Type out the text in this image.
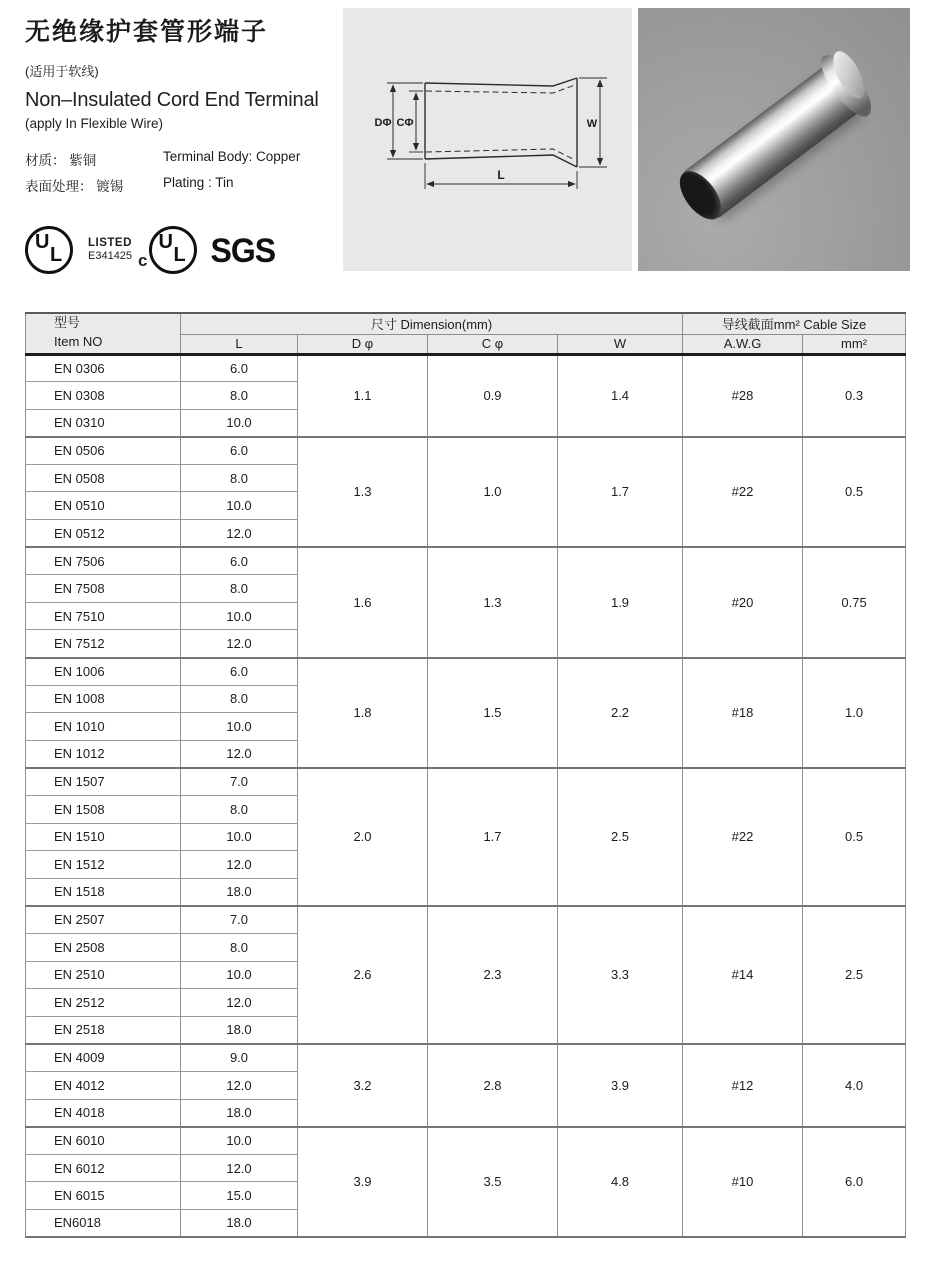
无绝缘护套管形端子
(适用于软线)
Non–Insulated Cord End Terminal
(apply In Flexible Wire)
材质： 紫铜	Terminal Body: Copper
表面处理： 镀锡	Plating : Tin
U
L
LISTED
E341425 c
U
L SGS
DΦ CΦ	W
L
型号
Item NO	尺寸 Dimension(mm)				导线截面mm² Cable Size	
	L	D φ	C φ	W	A.W.G	mm²
EN 0306	6.0	1.1	0.9	1.4	#28	0.3
EN 0308	8.0					
EN 0310	10.0					
EN 0506	6.0	1.3	1.0	1.7	#22	0.5
EN 0508	8.0					
EN 0510	10.0					
EN 0512	12.0					
EN 7506	6.0	1.6	1.3	1.9	#20	0.75
EN 7508	8.0					
EN 7510	10.0					
EN 7512	12.0					
EN 1006	6.0	1.8	1.5	2.2	#18	1.0
EN 1008	8.0					
EN 1010	10.0					
EN 1012	12.0					
EN 1507	7.0	2.0	1.7	2.5	#22	0.5
EN 1508	8.0					
EN 1510	10.0					
EN 1512	12.0					
EN 1518	18.0					
EN 2507	7.0	2.6	2.3	3.3	#14	2.5
EN 2508	8.0					
EN 2510	10.0					
EN 2512	12.0					
EN 2518	18.0					
EN 4009	9.0	3.2	2.8	3.9	#12	4.0
EN 4012	12.0					
EN 4018	18.0					
EN 6010	10.0	3.9	3.5	4.8	#10	6.0
EN 6012	12.0					
EN 6015	15.0					
EN6018	18.0					
